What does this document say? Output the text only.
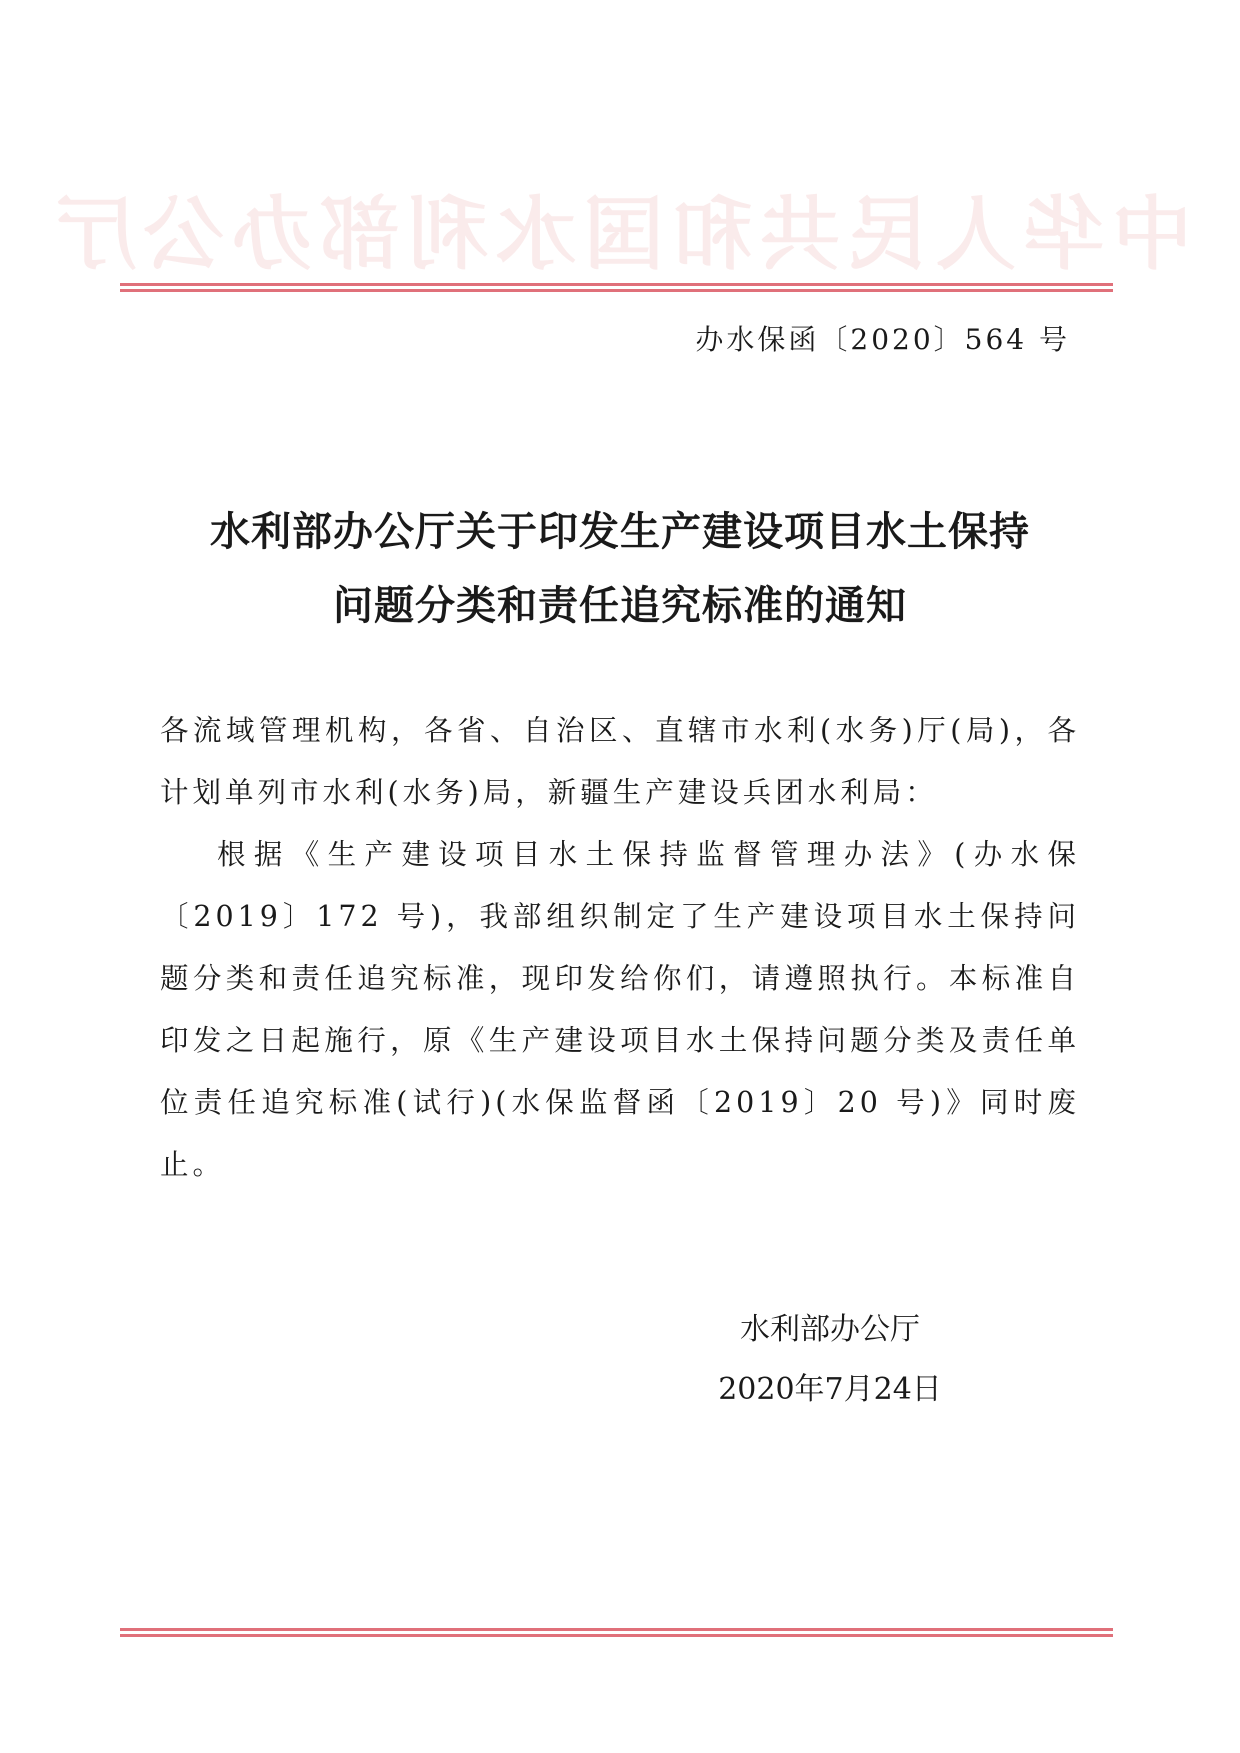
中华人民共和国水利部办公厅
办水保函〔2020〕564 号
水利部办公厅关于印发生产建设项目水土保持
问题分类和责任追究标准的通知

各流域管理机构，各省、自治区、直辖市水利(水务)厅(局)，各计划单列市水利(水务)局，新疆生产建设兵团水利局：

根据《生产建设项目水土保持监督管理办法》(办水保〔2019〕172 号)，我部组织制定了生产建设项目水土保持问题分类和责任追究标准，现印发给你们，请遵照执行。本标准自印发之日起施行，原《生产建设项目水土保持问题分类及责任单位责任追究标准(试行)(水保监督函〔2019〕20 号)》同时废止。

水利部办公厅
2020年7月24日
